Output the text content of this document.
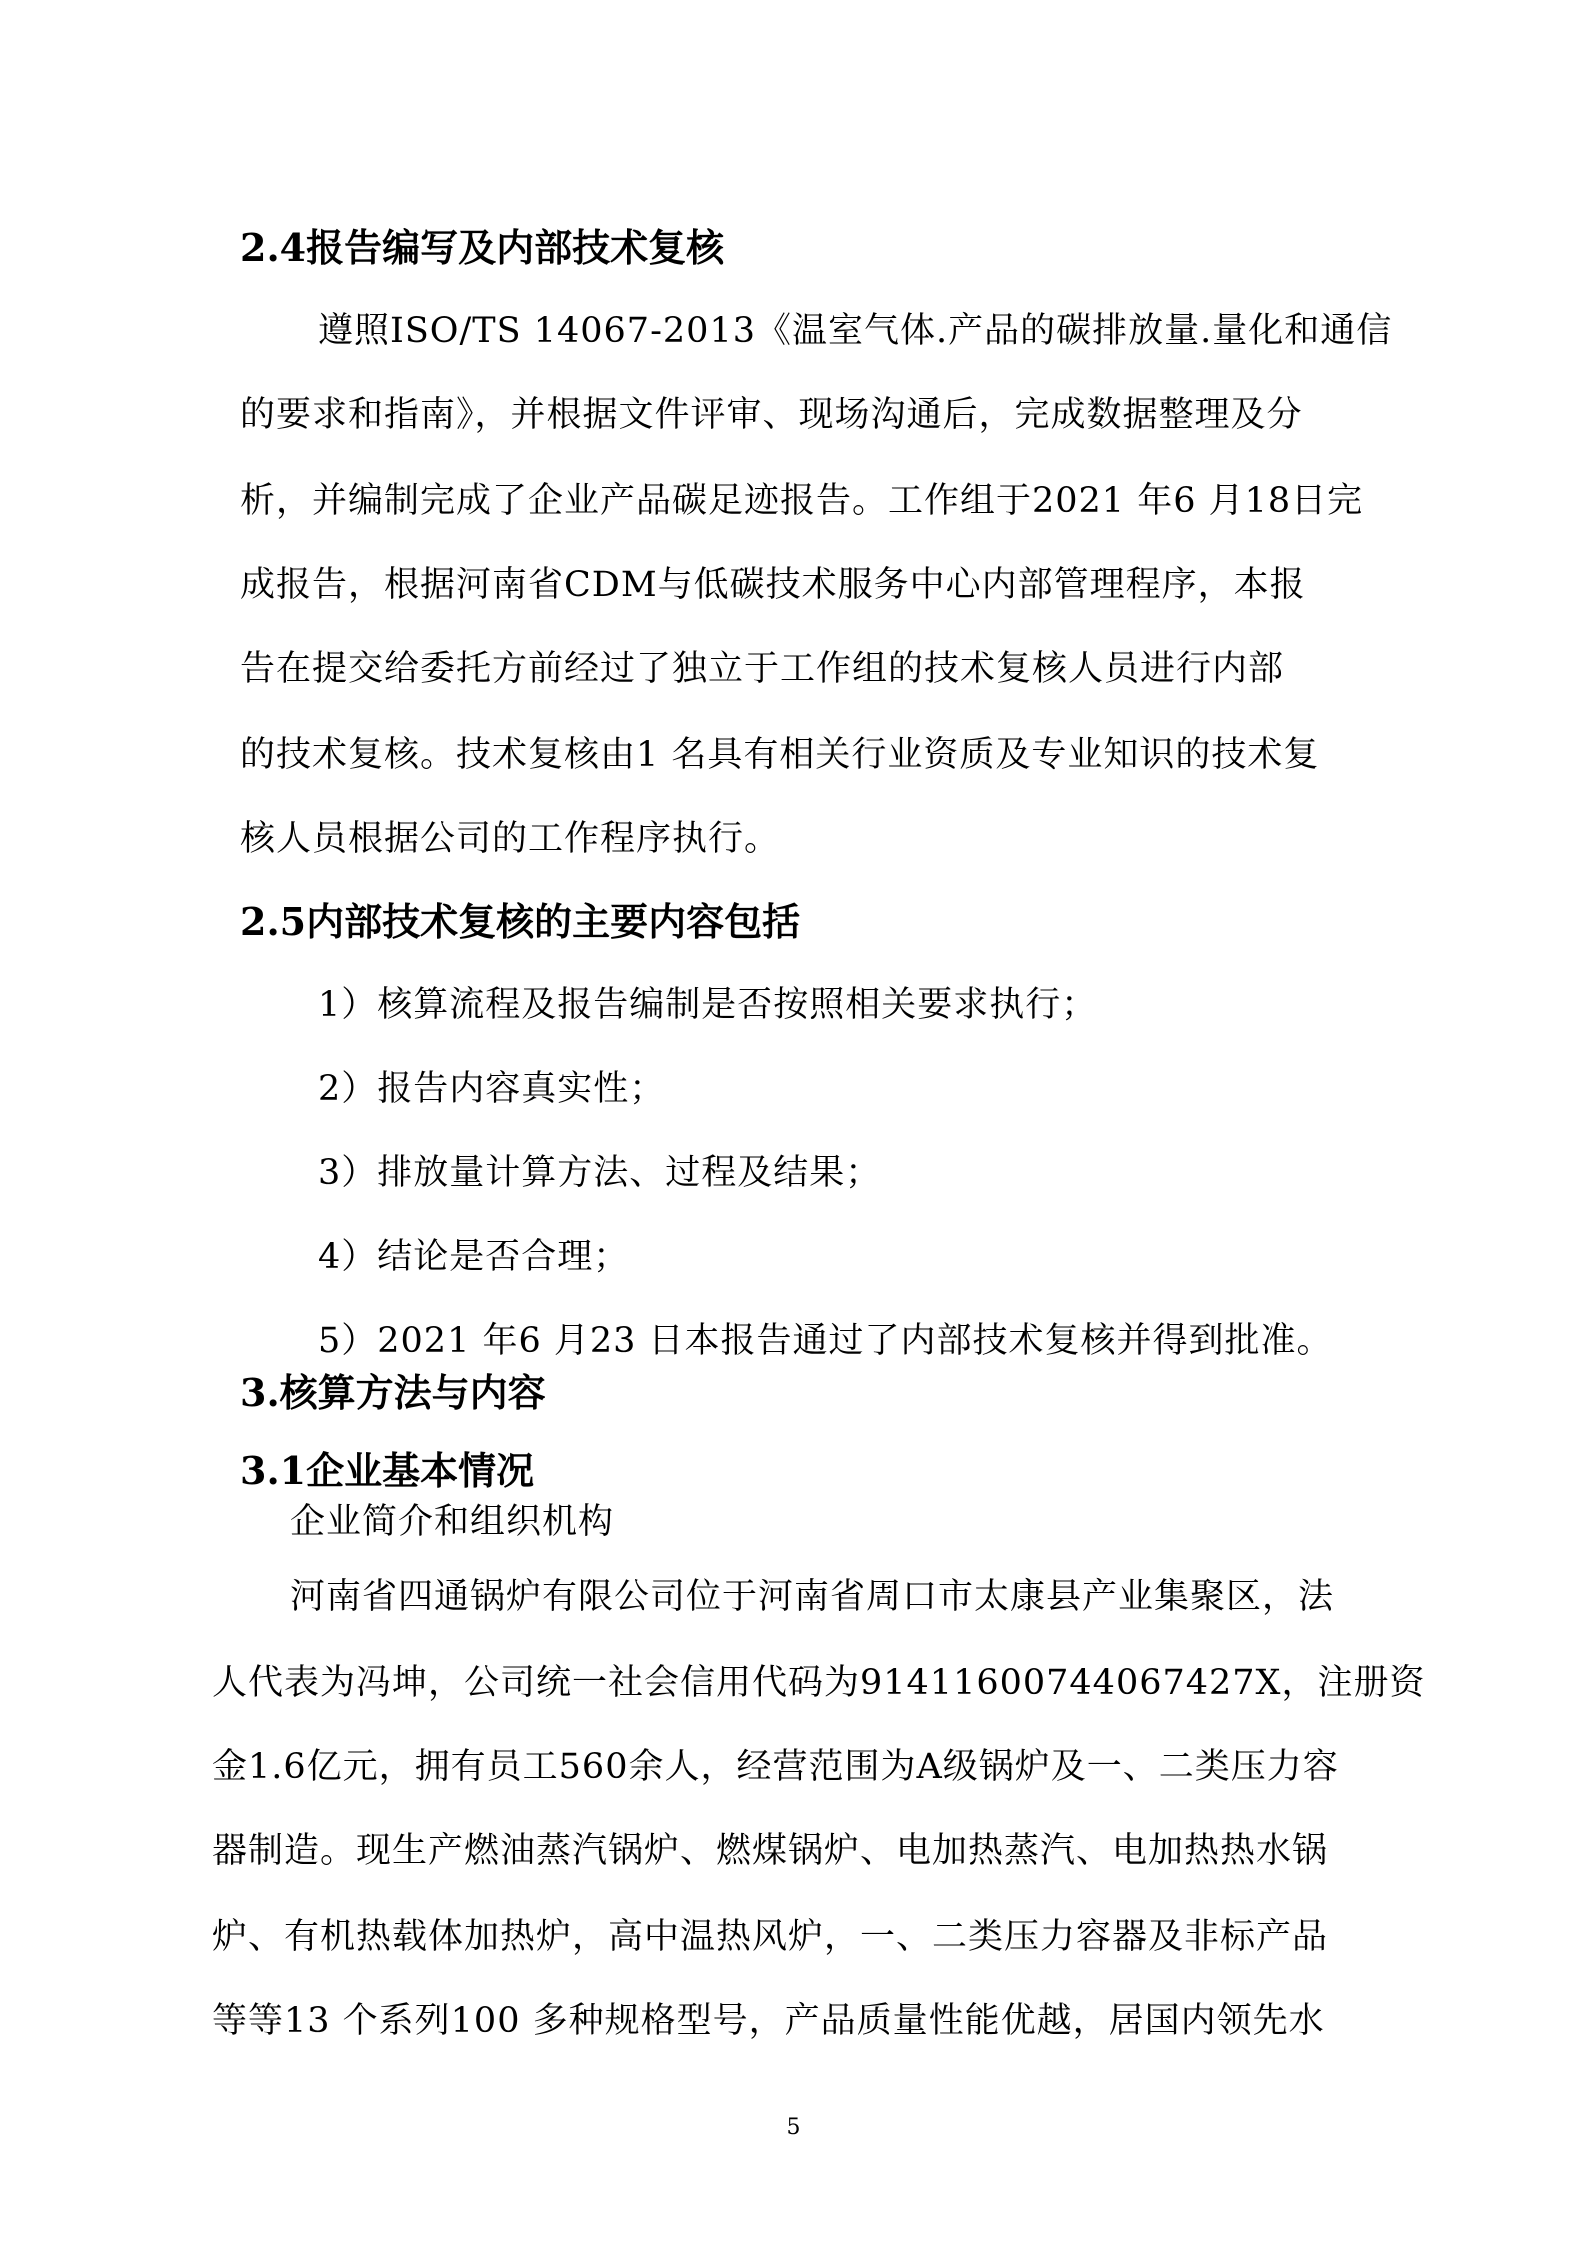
2.4报告编写及内部技术复核
遵照ISO/TS 14067-2013《温室气体.产品的碳排放量.量化和通信
的要求和指南》，并根据文件评审、现场沟通后，完成数据整理及分
析，并编制完成了企业产品碳足迹报告。工作组于2021 年6 月18日完
成报告，根据河南省CDM与低碳技术服务中心内部管理程序，本报
告在提交给委托方前经过了独立于工作组的技术复核人员进行内部
的技术复核。技术复核由1 名具有相关行业资质及专业知识的技术复
核人员根据公司的工作程序执行。
2.5内部技术复核的主要内容包括
1）核算流程及报告编制是否按照相关要求执行；
2）报告内容真实性；
3）排放量计算方法、过程及结果；
4）结论是否合理；
5）2021 年6 月23 日本报告通过了内部技术复核并得到批准。
3.核算方法与内容
3.1企业基本情况
企业简介和组织机构
河南省四通锅炉有限公司位于河南省周口市太康县产业集聚区，法
人代表为冯坤，公司统一社会信用代码为91411600744067427X，注册资
金1.6亿元，拥有员工560余人，经营范围为A级锅炉及一、二类压力容
器制造。现生产燃油蒸汽锅炉、燃煤锅炉、电加热蒸汽、电加热热水锅
炉、有机热载体加热炉，高中温热风炉，一、二类压力容器及非标产品
等等13 个系列100 多种规格型号，产品质量性能优越，居国内领先水
5
